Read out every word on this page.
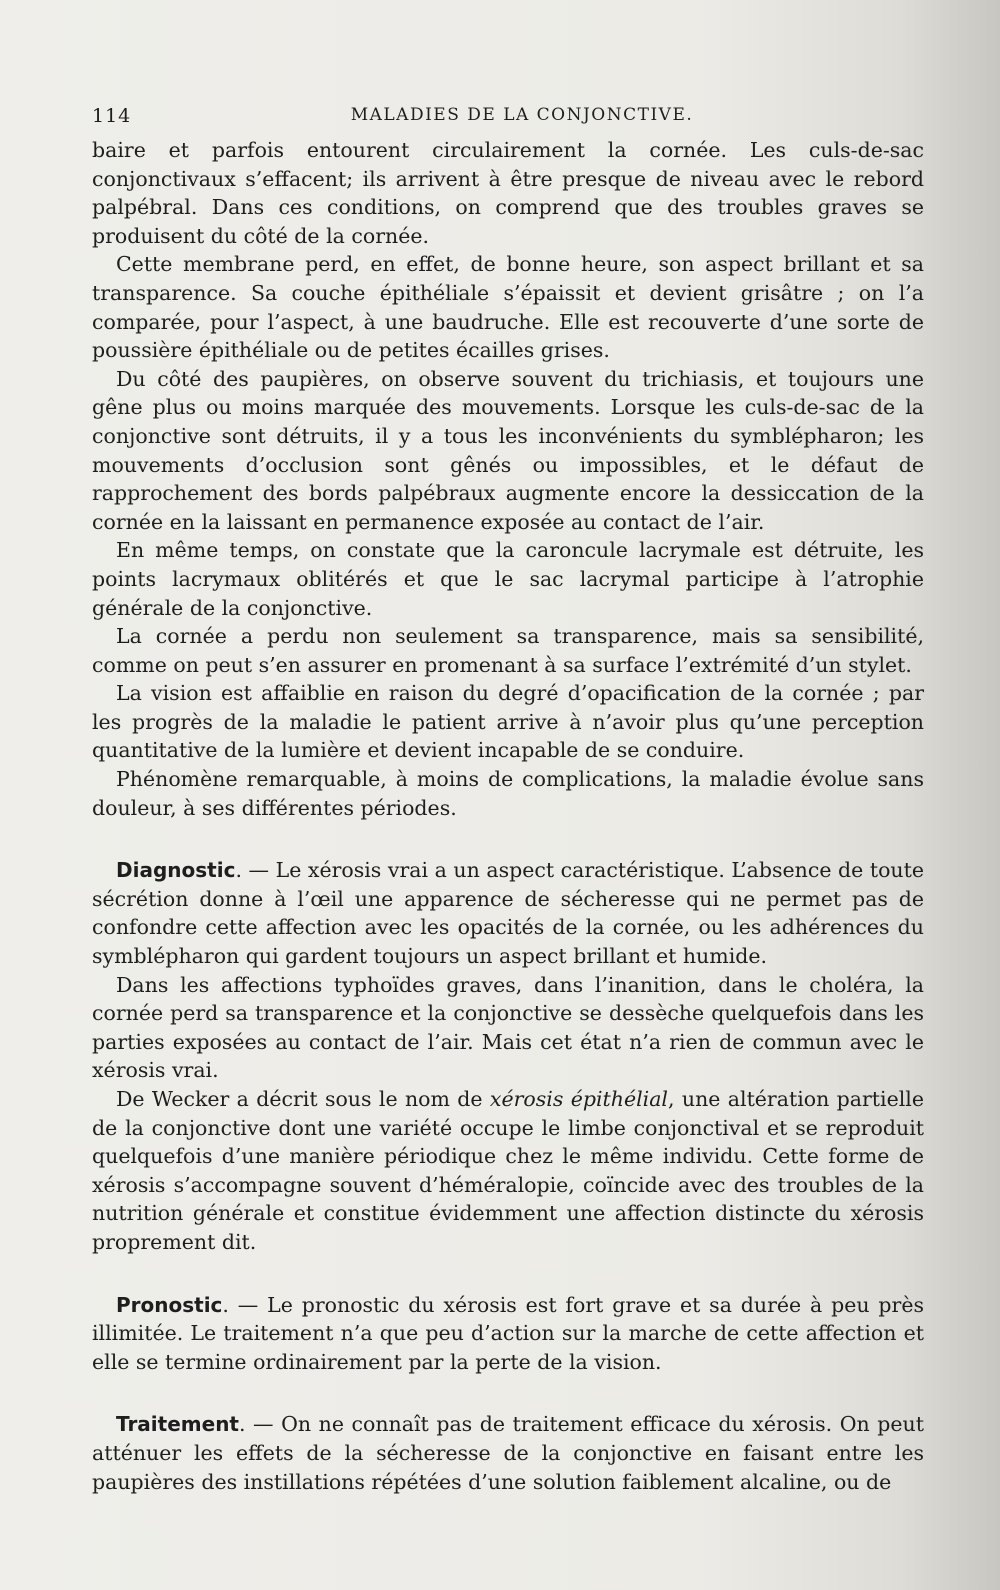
114	MALADIES DE LA CONJONCTIVE.

baire et parfois entourent circulairement la cornée. Les culs-de-sac conjonctivaux s’effacent; ils arrivent à être presque de niveau avec le rebord palpébral. Dans ces conditions, on comprend que des troubles graves se produisent du côté de la cornée.

Cette membrane perd, en effet, de bonne heure, son aspect brillant et sa transparence. Sa couche épithéliale s’épaissit et devient grisâtre ; on l’a comparée, pour l’aspect, à une baudruche. Elle est recouverte d’une sorte de poussière épithéliale ou de petites écailles grises.

Du côté des paupières, on observe souvent du trichiasis, et toujours une gêne plus ou moins marquée des mouvements. Lorsque les culs-de-sac de la conjonctive sont détruits, il y a tous les inconvénients du symblépharon; les mouvements d’occlusion sont gênés ou impossibles, et le défaut de rapprochement des bords palpébraux augmente encore la dessiccation de la cornée en la laissant en permanence exposée au contact de l’air.

En même temps, on constate que la caroncule lacrymale est détruite, les points lacrymaux oblitérés et que le sac lacrymal participe à l’atrophie générale de la conjonctive.

La cornée a perdu non seulement sa transparence, mais sa sensibilité, comme on peut s’en assurer en promenant à sa surface l’extrémité d’un stylet.

La vision est affaiblie en raison du degré d’opacification de la cornée ; par les progrès de la maladie le patient arrive à n’avoir plus qu’une perception quantitative de la lumière et devient incapable de se conduire.

Phénomène remarquable, à moins de complications, la maladie évolue sans douleur, à ses différentes périodes.

Diagnostic. — Le xérosis vrai a un aspect caractéristique. L’absence de toute sécrétion donne à l’œil une apparence de sécheresse qui ne permet pas de confondre cette affection avec les opacités de la cornée, ou les adhérences du symblépharon qui gardent toujours un aspect brillant et humide.

Dans les affections typhoïdes graves, dans l’inanition, dans le choléra, la cornée perd sa transparence et la conjonctive se dessèche quelquefois dans les parties exposées au contact de l’air. Mais cet état n’a rien de commun avec le xérosis vrai.

De Wecker a décrit sous le nom de xérosis épithélial, une altération partielle de la conjonctive dont une variété occupe le limbe conjonctival et se reproduit quelquefois d’une manière périodique chez le même individu. Cette forme de xérosis s’accompagne souvent d’héméralopie, coïncide avec des troubles de la nutrition générale et constitue évidemment une affection distincte du xérosis proprement dit.

Pronostic. — Le pronostic du xérosis est fort grave et sa durée à peu près illimitée. Le traitement n’a que peu d’action sur la marche de cette affection et elle se termine ordinairement par la perte de la vision.

Traitement. — On ne connaît pas de traitement efficace du xérosis. On peut atténuer les effets de la sécheresse de la conjonctive en faisant entre les paupières des instillations répétées d’une solution faiblement alcaline, ou de
